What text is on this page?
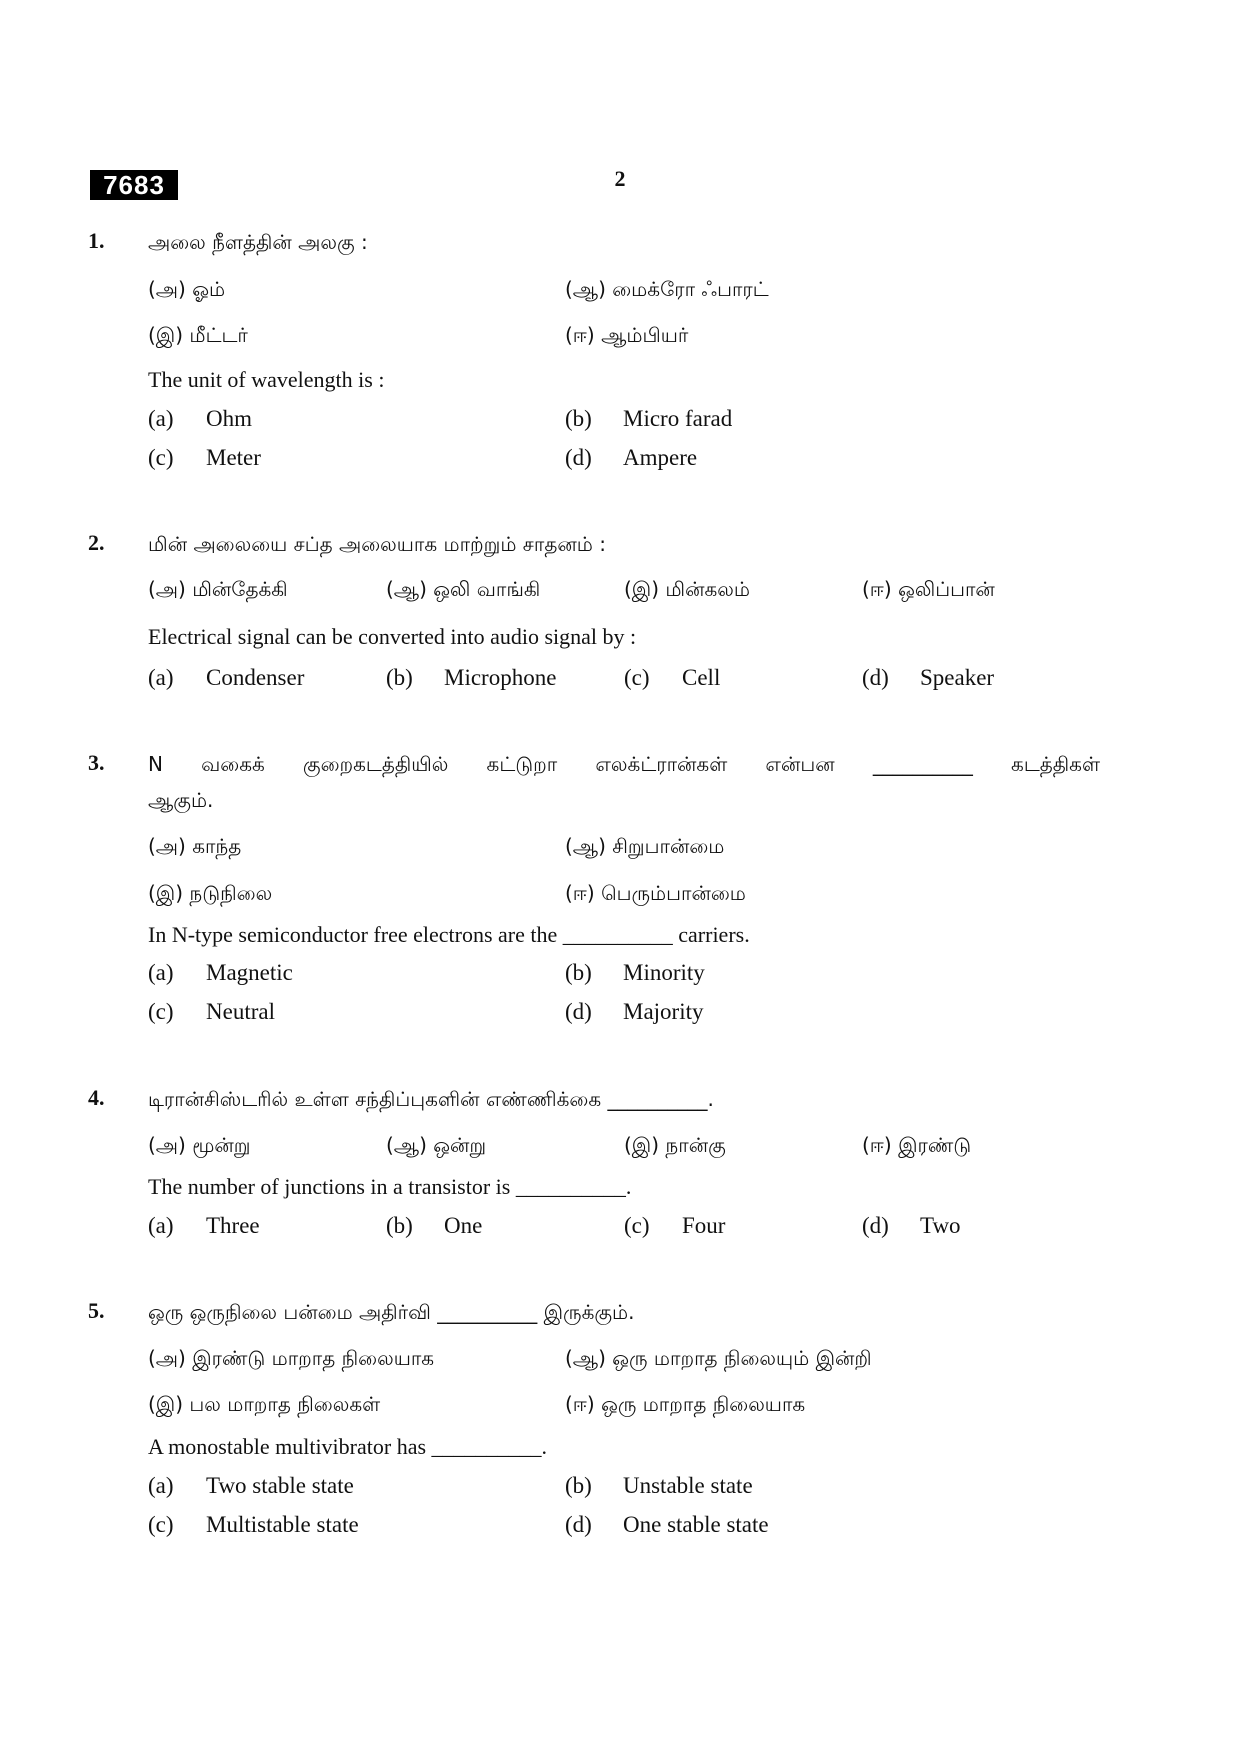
7683	2
1. அலை நீளத்தின் அலகு :
(அ) ஓம்	(ஆ) மைக்ரோ ஃபாரட்
(இ) மீட்டர்	(ஈ) ஆம்பியர்
The unit of wavelength is :
(a) Ohm	(b) Micro farad
(c) Meter	(d) Ampere
2. மின் அலையை சப்த அலையாக மாற்றும் சாதனம் :
(அ) மின்தேக்கி	(ஆ) ஒலி வாங்கி	(இ) மின்கலம்	(ஈ) ஒலிப்பான்
Electrical signal can be converted into audio signal by :
(a) Condenser	(b) Microphone	(c) Cell	(d) Speaker
3. N வகைக் குறைகடத்தியில் கட்டுறா எலக்ட்ரான்கள் என்பன __________ கடத்திகள்
ஆகும்.
(அ) காந்த	(ஆ) சிறுபான்மை
(இ) நடுநிலை	(ஈ) பெரும்பான்மை
In N-type semiconductor free electrons are the __________ carriers.
(a) Magnetic	(b) Minority
(c) Neutral	(d) Majority
4. டிரான்சிஸ்டரில் உள்ள சந்திப்புகளின் எண்ணிக்கை __________.
(அ) மூன்று	(ஆ) ஒன்று	(இ) நான்கு	(ஈ) இரண்டு
The number of junctions in a transistor is __________.
(a) Three	(b) One	(c) Four	(d) Two
5. ஒரு ஒருநிலை பன்மை அதிர்வி __________ இருக்கும்.
(அ) இரண்டு மாறாத நிலையாக	(ஆ) ஒரு மாறாத நிலையும் இன்றி
(இ) பல மாறாத நிலைகள்	(ஈ) ஒரு மாறாத நிலையாக
A monostable multivibrator has __________.
(a) Two stable state	(b) Unstable state
(c) Multistable state	(d) One stable state
